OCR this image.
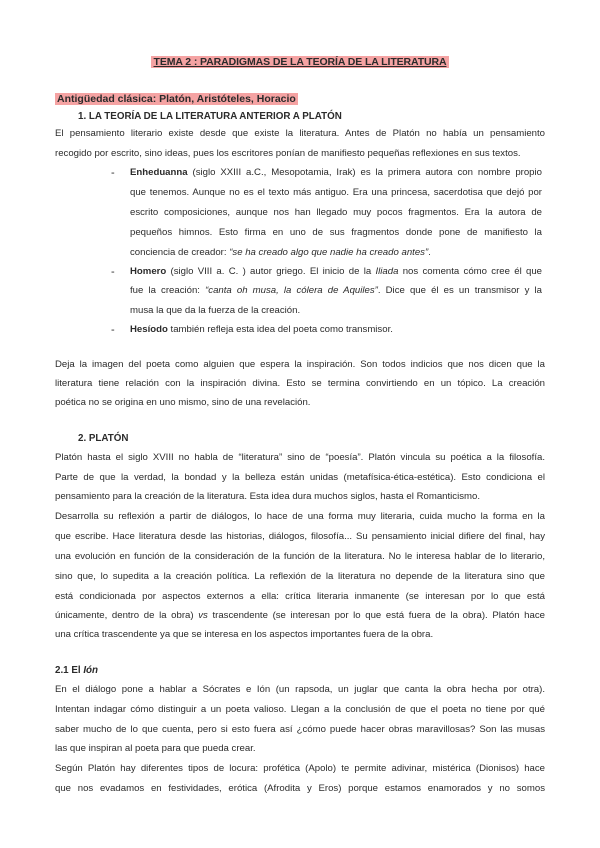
TEMA 2 : PARADIGMAS DE LA TEORÍA DE LA LITERATURA

Antigüedad clásica: Platón, Aristóteles, Horacio

1. LA TEORÍA DE LA LITERATURA ANTERIOR A PLATÓN

El pensamiento literario existe desde que existe la literatura. Antes de Platón no había un pensamiento

recogido por escrito, sino ideas, pues los escritores ponían de manifiesto pequeñas reflexiones en sus textos.

- Enheduanna (siglo XXIII a.C., Mesopotamia, Irak) es la primera autora con nombre propio

que tenemos. Aunque no es el texto más antiguo. Era una princesa, sacerdotisa que dejó por

escrito composiciones, aunque nos han llegado muy pocos fragmentos. Era la autora de

pequeños himnos. Esto firma en uno de sus fragmentos donde pone de manifiesto la

conciencia de creador: “se ha creado algo que nadie ha creado antes”.

- Homero (siglo VIII a. C. ) autor griego. El inicio de la Iliada nos comenta cómo cree él que

fue la creación: “canta oh musa, la cólera de Aquiles”. Dice que él es un transmisor y la

musa la que da la fuerza de la creación.

- Hesíodo también refleja esta idea del poeta como transmisor.

Deja la imagen del poeta como alguien que espera la inspiración. Son todos indicios que nos dicen que la

literatura tiene relación con la inspiración divina. Esto se termina convirtiendo en un tópico. La creación

poética no se origina en uno mismo, sino de una revelación.

2. PLATÓN

Platón hasta el siglo XVIII no habla de “literatura” sino de “poesía”. Platón vincula su poética a la filosofía.

Parte de que la verdad, la bondad y la belleza están unidas (metafísica-ética-estética). Esto condiciona el

pensamiento para la creación de la literatura. Esta idea dura muchos siglos, hasta el Romanticismo.

Desarrolla su reflexión a partir de diálogos, lo hace de una forma muy literaria, cuida mucho la forma en la

que escribe. Hace literatura desde las historias, diálogos, filosofía... Su pensamiento inicial difiere del final, hay

una evolución en función de la consideración de la función de la literatura. No le interesa hablar de lo literario,

sino que, lo supedita a la creación política. La reflexión de la literatura no depende de la literatura sino que

está condicionada por aspectos externos a ella: crítica literaria inmanente (se interesan por lo que está

únicamente, dentro de la obra) vs trascendente (se interesan por lo que está fuera de la obra). Platón hace

una crítica trascendente ya que se interesa en los aspectos importantes fuera de la obra.

2.1 El Ión

En el diálogo pone a hablar a Sócrates e Ión (un rapsoda, un juglar que canta la obra hecha por otra).

Intentan indagar cómo distinguir a un poeta valioso. Llegan a la conclusión de que el poeta no tiene por qué

saber mucho de lo que cuenta, pero si esto fuera así ¿cómo puede hacer obras maravillosas? Son las musas

las que inspiran al poeta para que pueda crear.

Según Platón hay diferentes tipos de locura: profética (Apolo) te permite adivinar, mistérica (Dionisos) hace

que nos evadamos en festividades, erótica (Afrodita y Eros) porque estamos enamorados y no somos
